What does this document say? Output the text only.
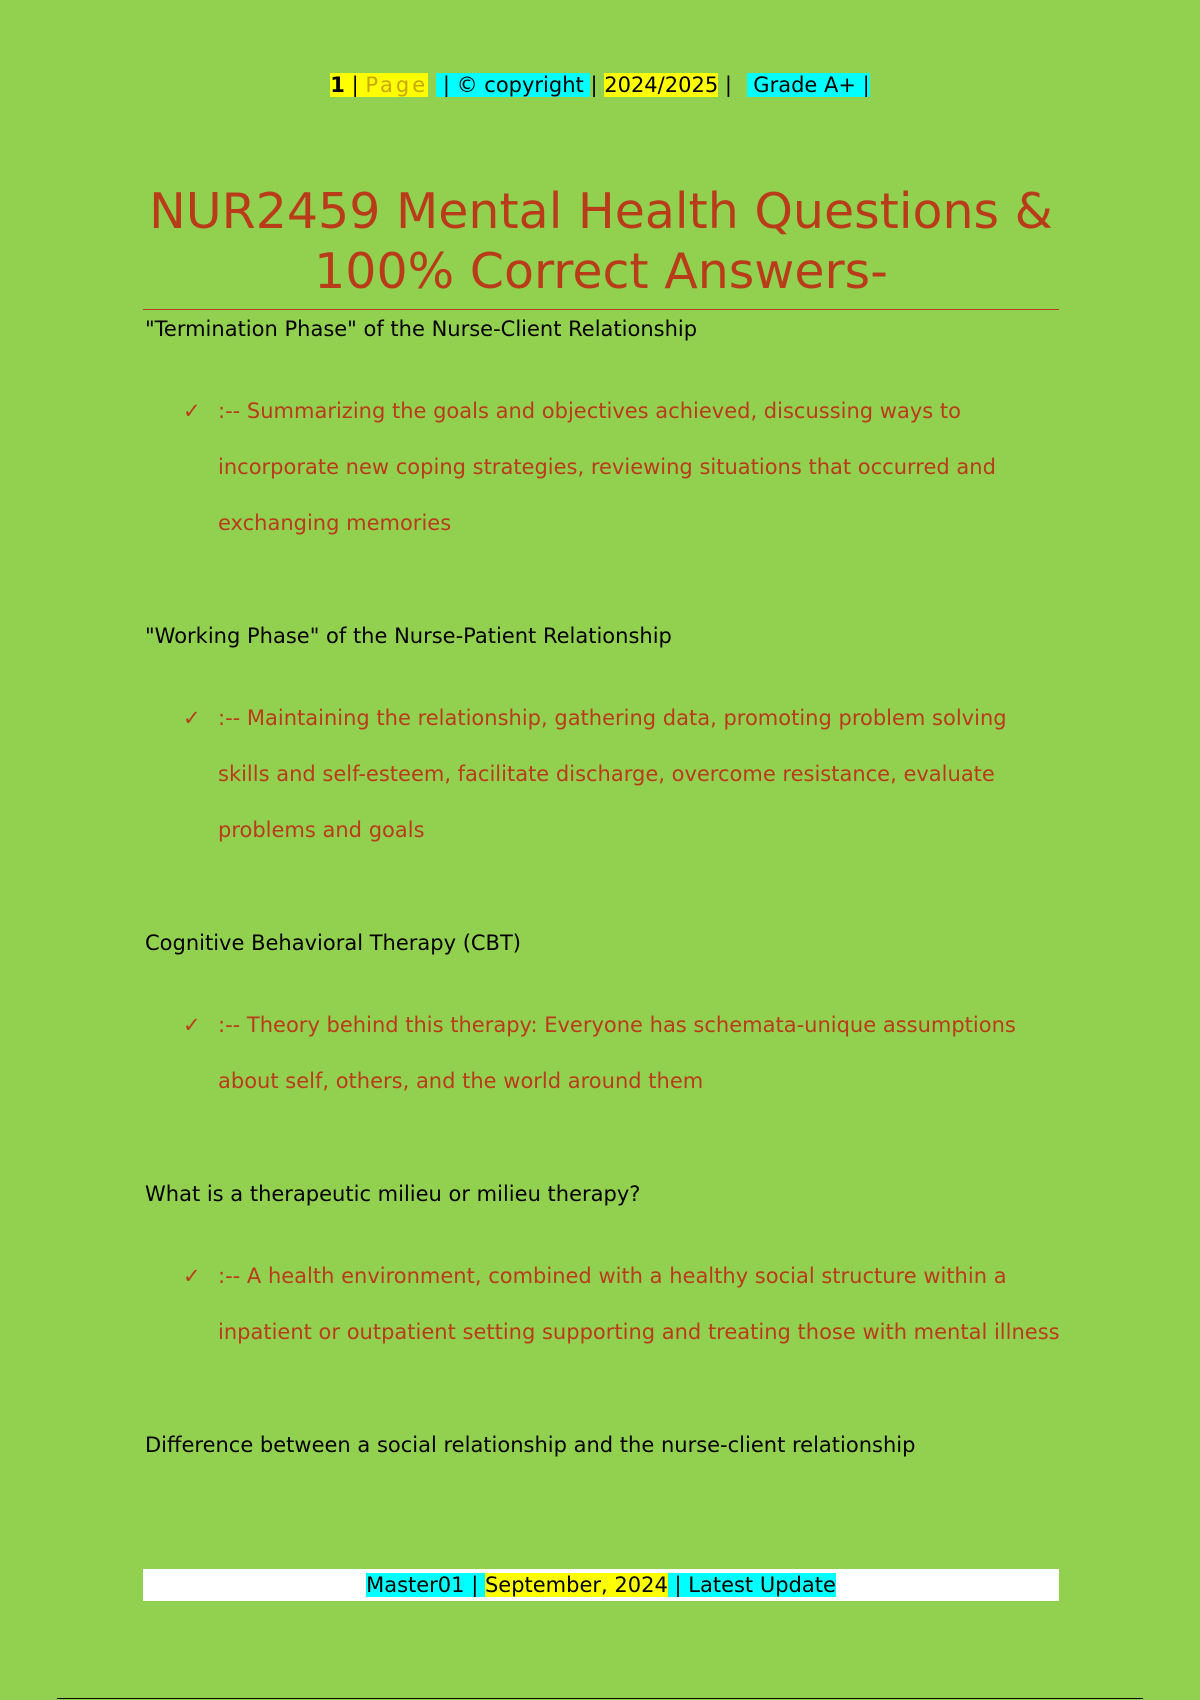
1 | Page | © copyright | 2024/2025 |  Grade A+ |
NUR2459 Mental Health Questions &
100% Correct Answers-

"Termination Phase" of the Nurse-Client Relationship

✓ :-- Summarizing the goals and objectives achieved, discussing ways to incorporate new coping strategies, reviewing situations that occurred and exchanging memories

"Working Phase" of the Nurse-Patient Relationship

✓ :-- Maintaining the relationship, gathering data, promoting problem solving skills and self-esteem, facilitate discharge, overcome resistance, evaluate problems and goals

Cognitive Behavioral Therapy (CBT)

✓ :-- Theory behind this therapy: Everyone has schemata-unique assumptions about self, others, and the world around them

What is a therapeutic milieu or milieu therapy?

✓ :-- A health environment, combined with a healthy social structure within a inpatient or outpatient setting supporting and treating those with mental illness

Difference between a social relationship and the nurse-client relationship

Master01 | September, 2024 | Latest Update
